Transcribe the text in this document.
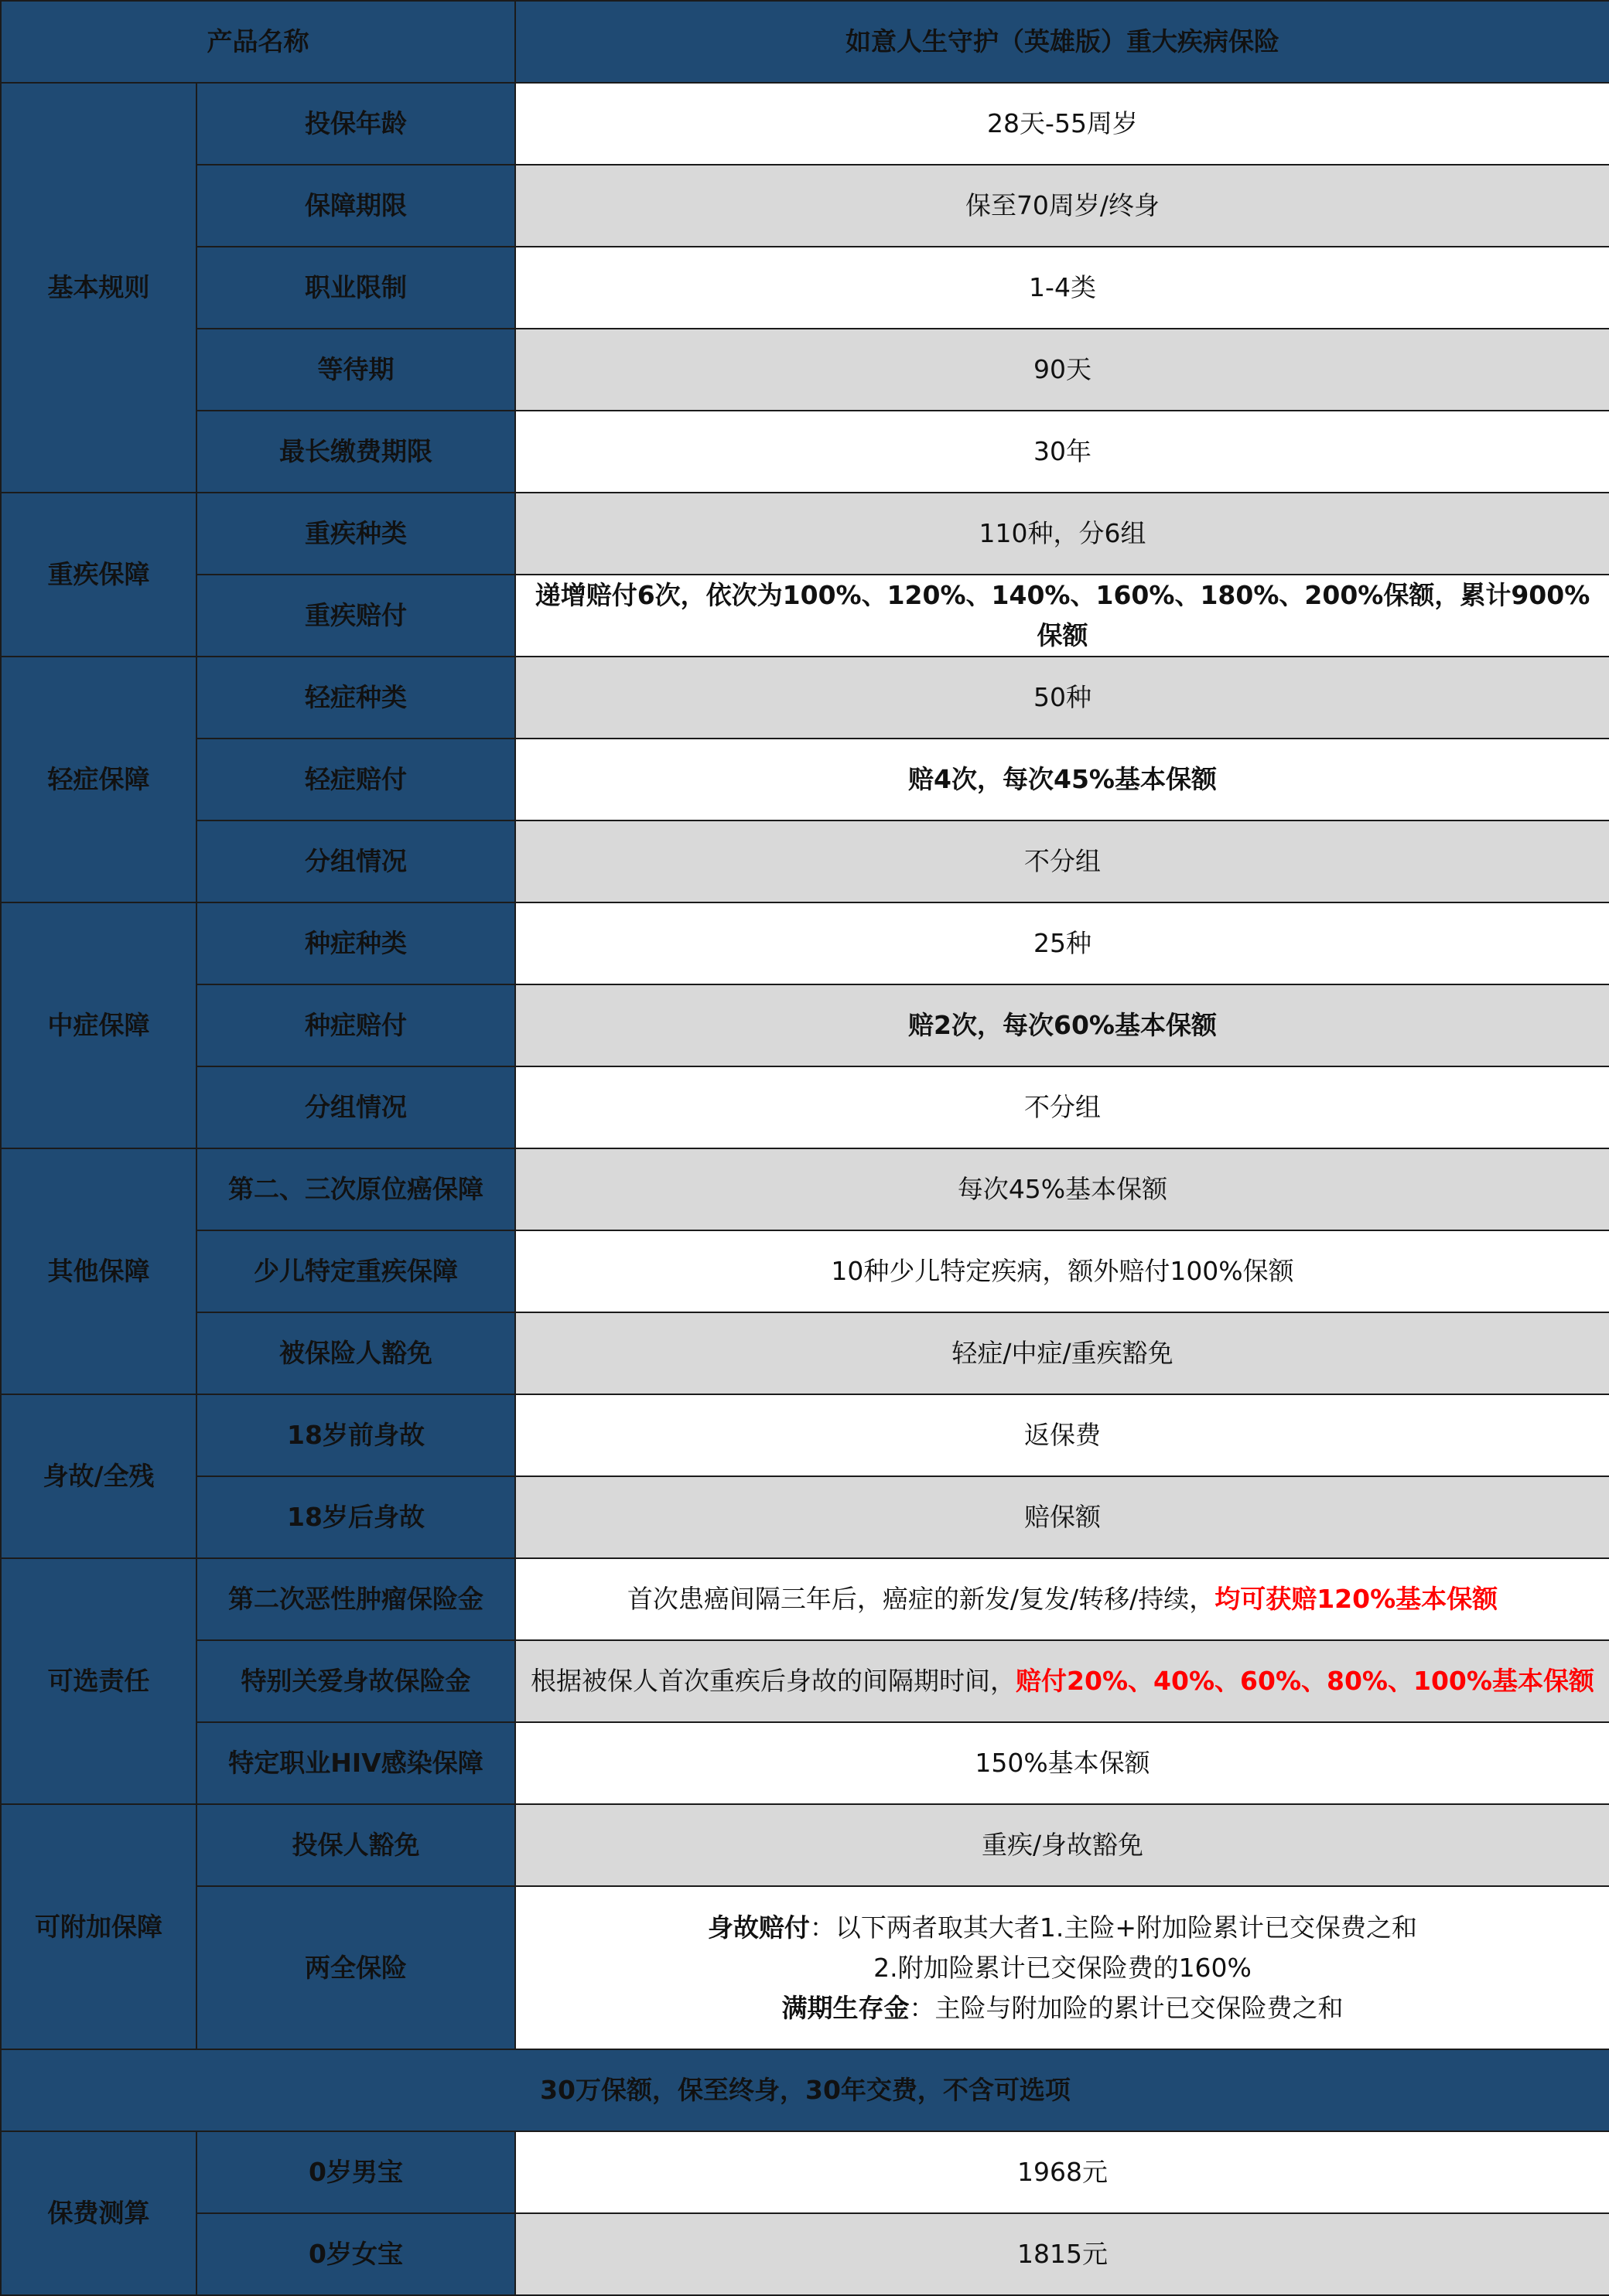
产品名称		如意人生守护（英雄版）重大疾病保险
基本规则	投保年龄	28天-55周岁
	保障期限	保至70周岁/终身
	职业限制	1-4类
	等待期	90天
	最长缴费期限	30年
重疾保障	重疾种类	110种，分6组
	重疾赔付	递增赔付6次，依次为100%、120%、140%、160%、180%、200%保额，累计900%保额
轻症保障	轻症种类	50种
	轻症赔付	赔4次，每次45%基本保额
	分组情况	不分组
中症保障	种症种类	25种
	种症赔付	赔2次，每次60%基本保额
	分组情况	不分组
其他保障	第二、三次原位癌保障	每次45%基本保额
	少儿特定重疾保障	10种少儿特定疾病，额外赔付100%保额
	被保险人豁免	轻症/中症/重疾豁免
身故/全残	18岁前身故	返保费
	18岁后身故	赔保额
可选责任	第二次恶性肿瘤保险金	首次患癌间隔三年后，癌症的新发/复发/转移/持续，均可获赔120%基本保额
	特别关爱身故保险金	根据被保人首次重疾后身故的间隔期时间，赔付20%、40%、60%、80%、100%基本保额
	特定职业HIV感染保障	150%基本保额
可附加保障	投保人豁免	重疾/身故豁免
	两全保险	身故赔付：以下两者取其大者1.主险+附加险累计已交保费之和
2.附加险累计已交保险费的160%
满期生存金：主险与附加险的累计已交保险费之和

30万保额，保至终身，30年交费，不含可选项		
保费测算	0岁男宝	1968元
	0岁女宝	1815元
